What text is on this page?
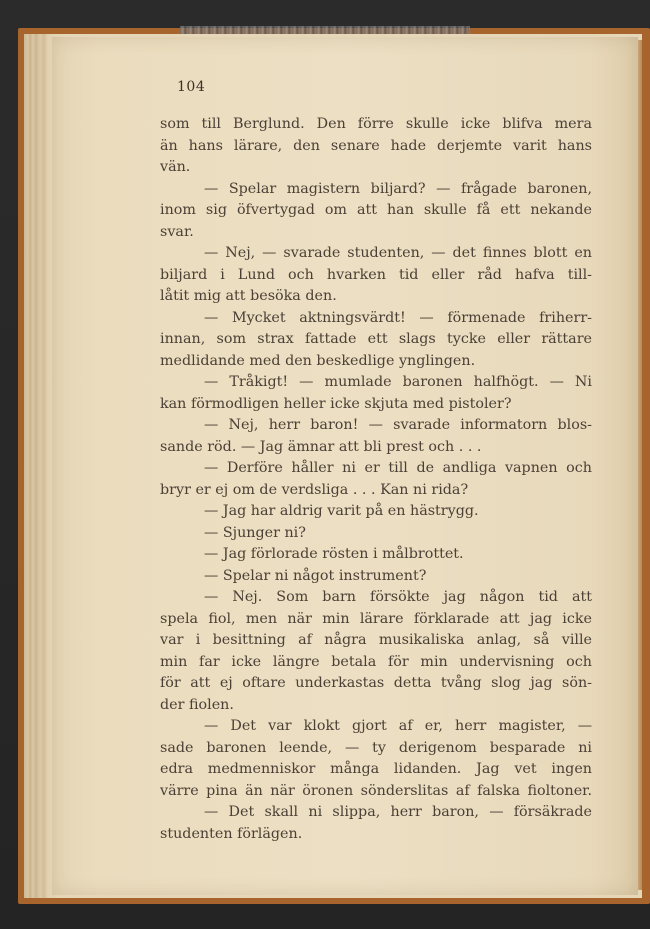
104
som till Berglund. Den förre skulle icke blifva mera
än hans lärare, den senare hade derjemte varit hans
vän.
— Spelar magistern biljard? — frågade baronen,
inom sig öfvertygad om att han skulle få ett nekande
svar.
— Nej, — svarade studenten, — det finnes blott en
biljard i Lund och hvarken tid eller råd hafva till-
låtit mig att besöka den.
— Mycket aktningsvärdt! — förmenade friherr-
innan, som strax fattade ett slags tycke eller rättare
medlidande med den beskedlige ynglingen.
— Tråkigt! — mumlade baronen halfhögt. — Ni
kan förmodligen heller icke skjuta med pistoler?
— Nej, herr baron! — svarade informatorn blos-
sande röd. — Jag ämnar att bli prest och . . .
— Derföre håller ni er till de andliga vapnen och
bryr er ej om de verdsliga . . . Kan ni rida?
— Jag har aldrig varit på en hästrygg.
— Sjunger ni?
— Jag förlorade rösten i målbrottet.
— Spelar ni något instrument?
— Nej. Som barn försökte jag någon tid att
spela fiol, men när min lärare förklarade att jag icke
var i besittning af några musikaliska anlag, så ville
min far icke längre betala för min undervisning och
för att ej oftare underkastas detta tvång slog jag sön-
der fiolen.
— Det var klokt gjort af er, herr magister, —
sade baronen leende, — ty derigenom besparade ni
edra medmenniskor många lidanden. Jag vet ingen
värre pina än när öronen sönderslitas af falska fioltoner.
— Det skall ni slippa, herr baron, — försäkrade
studenten förlägen.
